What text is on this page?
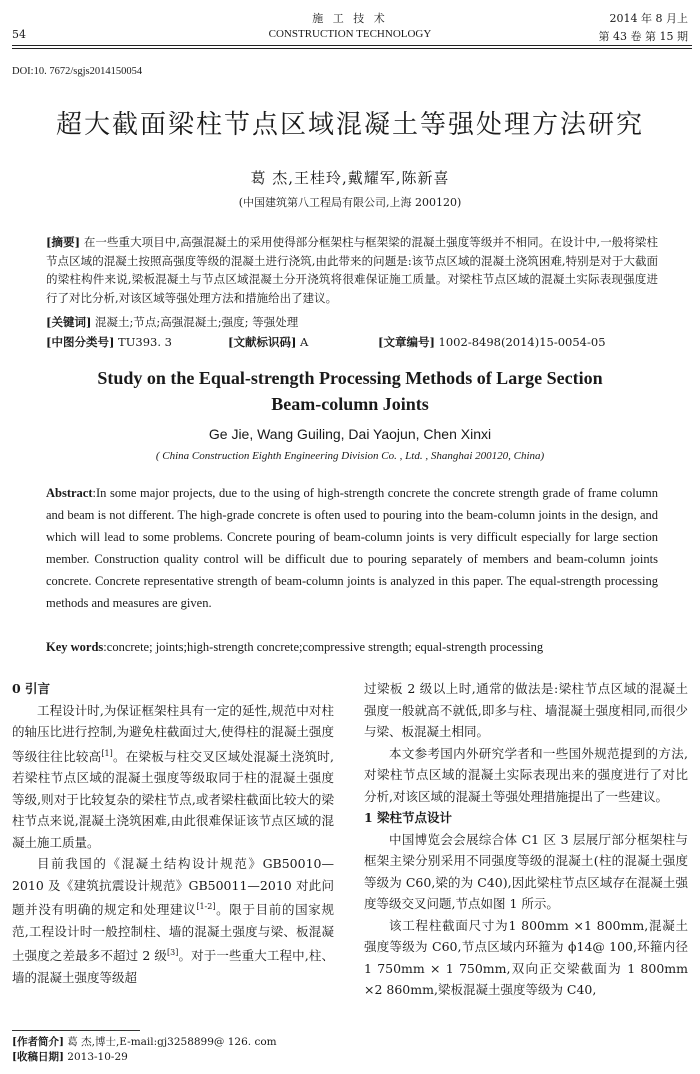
54
施 工 技 术
CONSTRUCTION TECHNOLOGY
2014 年 8 月上
第 43 卷 第 15 期
DOI:10. 7672/sgjs2014150054
超大截面梁柱节点区域混凝土等强处理方法研究
葛 杰,王桂玲,戴耀军,陈新喜
(中国建筑第八工程局有限公司,上海 200120)
[摘要] 在一些重大项目中,高强混凝土的采用使得部分框架柱与框架梁的混凝土强度等级并不相同。在设计中,一般将梁柱节点区域的混凝土按照高强度等级的混凝土进行浇筑,由此带来的问题是:该节点区域的混凝土浇筑困难,特别是对于大截面的梁柱构件来说,梁板混凝土与节点区域混凝土分开浇筑将很难保证施工质量。对梁柱节点区域的混凝土实际表现强度进行了对比分析,对该区域等强处理方法和措施给出了建议。
[关键词] 混凝土;节点;高强混凝土;强度; 等强处理
[中图分类号] TU393. 3	[文献标识码] A	[文章编号] 1002-8498(2014)15-0054-05
Study on the Equal-strength Processing Methods of Large Section
Beam-column Joints
Ge Jie, Wang Guiling, Dai Yaojun, Chen Xinxi
( China Construction Eighth Engineering Division Co. , Ltd. , Shanghai 200120, China)
Abstract:In some major projects, due to the using of high-strength concrete the concrete strength grade of frame column and beam is not different. The high-grade concrete is often used to pouring into the beam-column joints in the design, and which will lead to some problems. Concrete pouring of beam-column joints is very difficult especially for large section member. Construction quality control will be difficult due to pouring separately of members and beam-column joints concrete. Concrete representative strength of beam-column joints is analyzed in this paper. The equal-strength processing methods and measures are given.
Key words:concrete; joints;high-strength concrete;compressive strength; equal-strength processing
0 引言
工程设计时,为保证框架柱具有一定的延性,规范中对柱的轴压比进行控制,为避免柱截面过大,使得柱的混凝土强度等级往往比较高[1]。在梁板与柱交叉区域处混凝土浇筑时,若梁柱节点区域的混凝土强度等级取同于柱的混凝土强度等级,则对于比较复杂的梁柱节点,或者梁柱截面比较大的梁柱节点来说,混凝土浇筑困难,由此很难保证该节点区域的混凝土施工质量。
目前我国的《混凝土结构设计规范》GB50010—2010 及《建筑抗震设计规范》GB50011—2010 对此问题并没有明确的规定和处理建议[1-2]。限于目前的国家规范,工程设计时一般控制柱、墙的混凝土强度与梁、板混凝土强度之差最多不超过 2 级[3]。对于一些重大工程中,柱、墙的混凝土强度等级超
[作者简介] 葛 杰,博士,E-mail:gj3258899@ 126. com
[收稿日期] 2013-10-29
过梁板 2 级以上时,通常的做法是:梁柱节点区域的混凝土强度一般就高不就低,即多与柱、墙混凝土强度相同,而很少与梁、板混凝土相同。
本文参考国内外研究学者和一些国外规范提到的方法,对梁柱节点区域的混凝土实际表现出来的强度进行了对比分析,对该区域的混凝土等强处理措施提出了一些建议。
1 梁柱节点设计
中国博览会会展综合体 C1 区 3 层展厅部分框架柱与框架主梁分别采用不同强度等级的混凝土(柱的混凝土强度等级为 C60,梁的为 C40),因此梁柱节点区域存在混凝土强度等级交叉问题,节点如图 1 所示。
该工程柱截面尺寸为1 800mm ×1 800mm,混凝土强度等级为 C60,节点区域内环箍为 ϕ14@ 100,环箍内径1 750mm × 1 750mm,双向正交梁截面为 1 800mm ×2 860mm,梁板混凝土强度等级为 C40,
